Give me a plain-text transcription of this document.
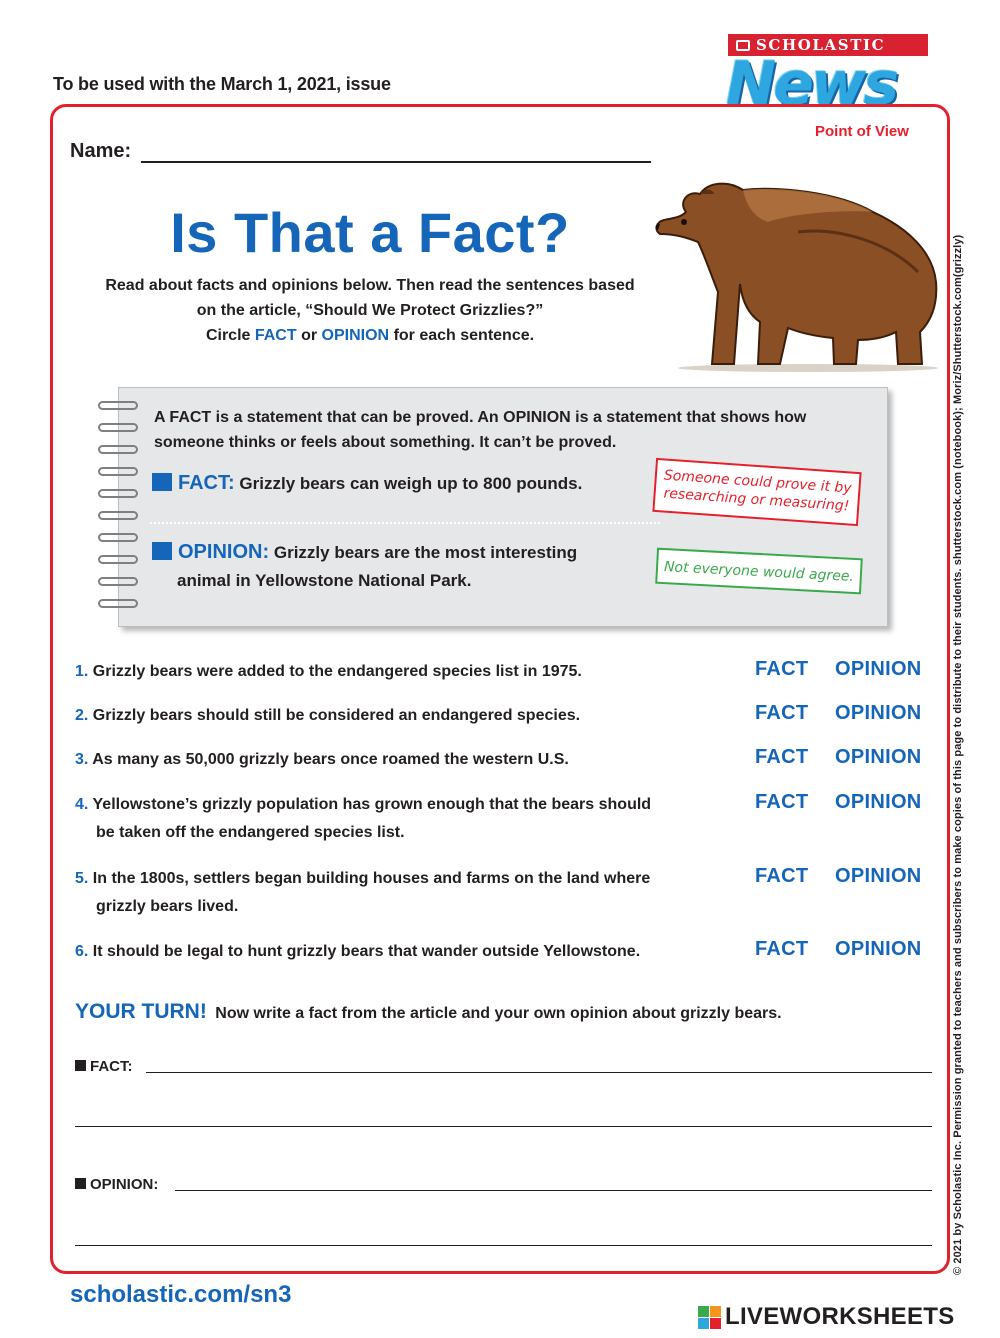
To be used with the March 1, 2021, issue
SCHOLASTIC
News
Point of View
Name:
Is That a Fact?
Read about facts and opinions below. Then read the sentences based
on the article, “Should We Protect Grizzlies?”
Circle FACT or OPINION for each sentence.
A FACT is a statement that can be proved. An OPINION is a statement that shows how someone thinks or feels about something. It can’t be proved.
FACT: Grizzly bears can weigh up to 800 pounds.
OPINION: Grizzly bears are the most interesting
animal in Yellowstone National Park.
Someone could prove it by researching or measuring!
Not everyone would agree.
1. Grizzly bears were added to the endangered species list in 1975.	FACT OPINION
2. Grizzly bears should still be considered an endangered species.	FACT OPINION
3. As many as 50,000 grizzly bears once roamed the western U.S.	FACT OPINION
4. Yellowstone’s grizzly population has grown enough that the bears should
be taken off the endangered species list.
FACT OPINION
5. In the 1800s, settlers began building houses and farms on the land where
grizzly bears lived.
FACT OPINION
6. It should be legal to hunt grizzly bears that wander outside Yellowstone.	FACT OPINION
YOUR TURN! Now write a fact from the article and your own opinion about grizzly bears.
FACT:
OPINION:	© 2021 by Scholastic Inc. Permission granted to teachers and subscribers to make copies of this page to distribute to their students. shutterstock.com (notebook); Moriz/Shutterstock.com(grizzly)
scholastic.com/sn3
LIVEWORKSHEETS
